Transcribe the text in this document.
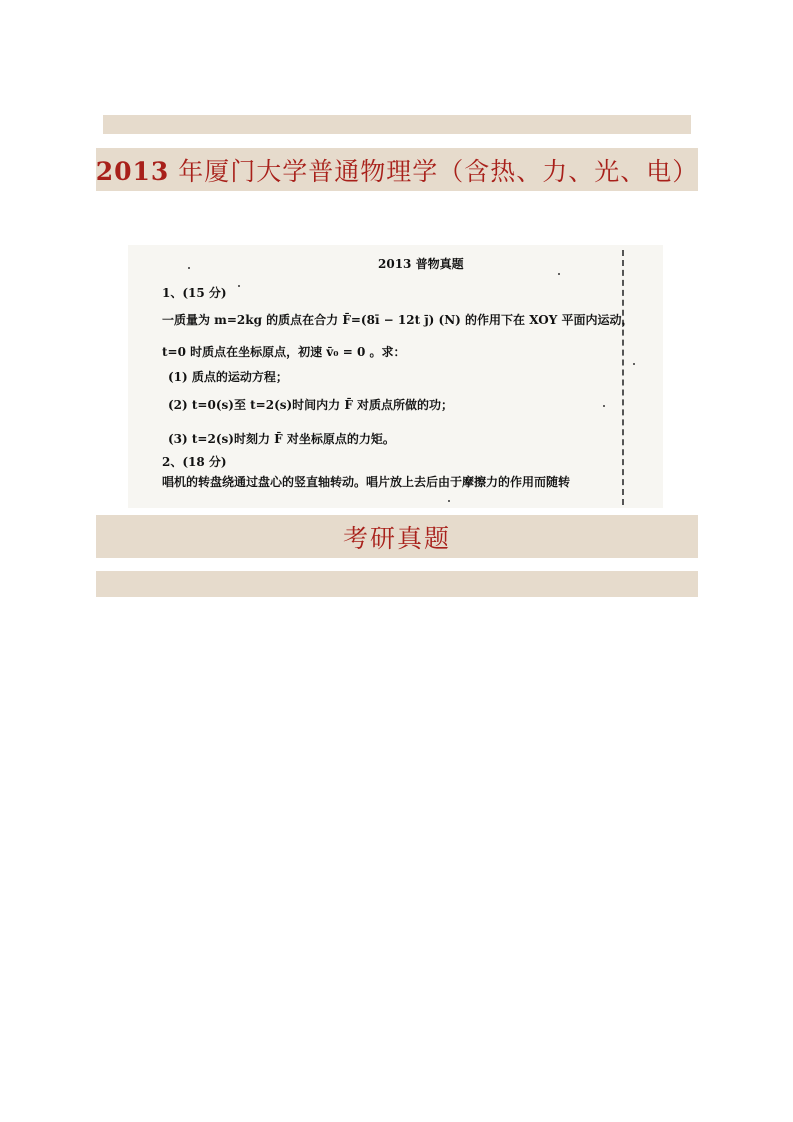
2013 年厦门大学普通物理学（含热、力、光、电）
2013 普物真题
1、(15 分)
一质量为 m=2kg 的质点在合力 F̄=(8ī − 12t j̄) (N) 的作用下在 XOY 平面内运动，
t=0 时质点在坐标原点，初速 v̄₀ = 0 。求：
(1) 质点的运动方程；
(2) t=0(s)至 t=2(s)时间内力 F̄ 对质点所做的功；
(3) t=2(s)时刻力 F̄ 对坐标原点的力矩。
2、(18 分)
唱机的转盘绕通过盘心的竖直轴转动。唱片放上去后由于摩擦力的作用而随转
考研真题
